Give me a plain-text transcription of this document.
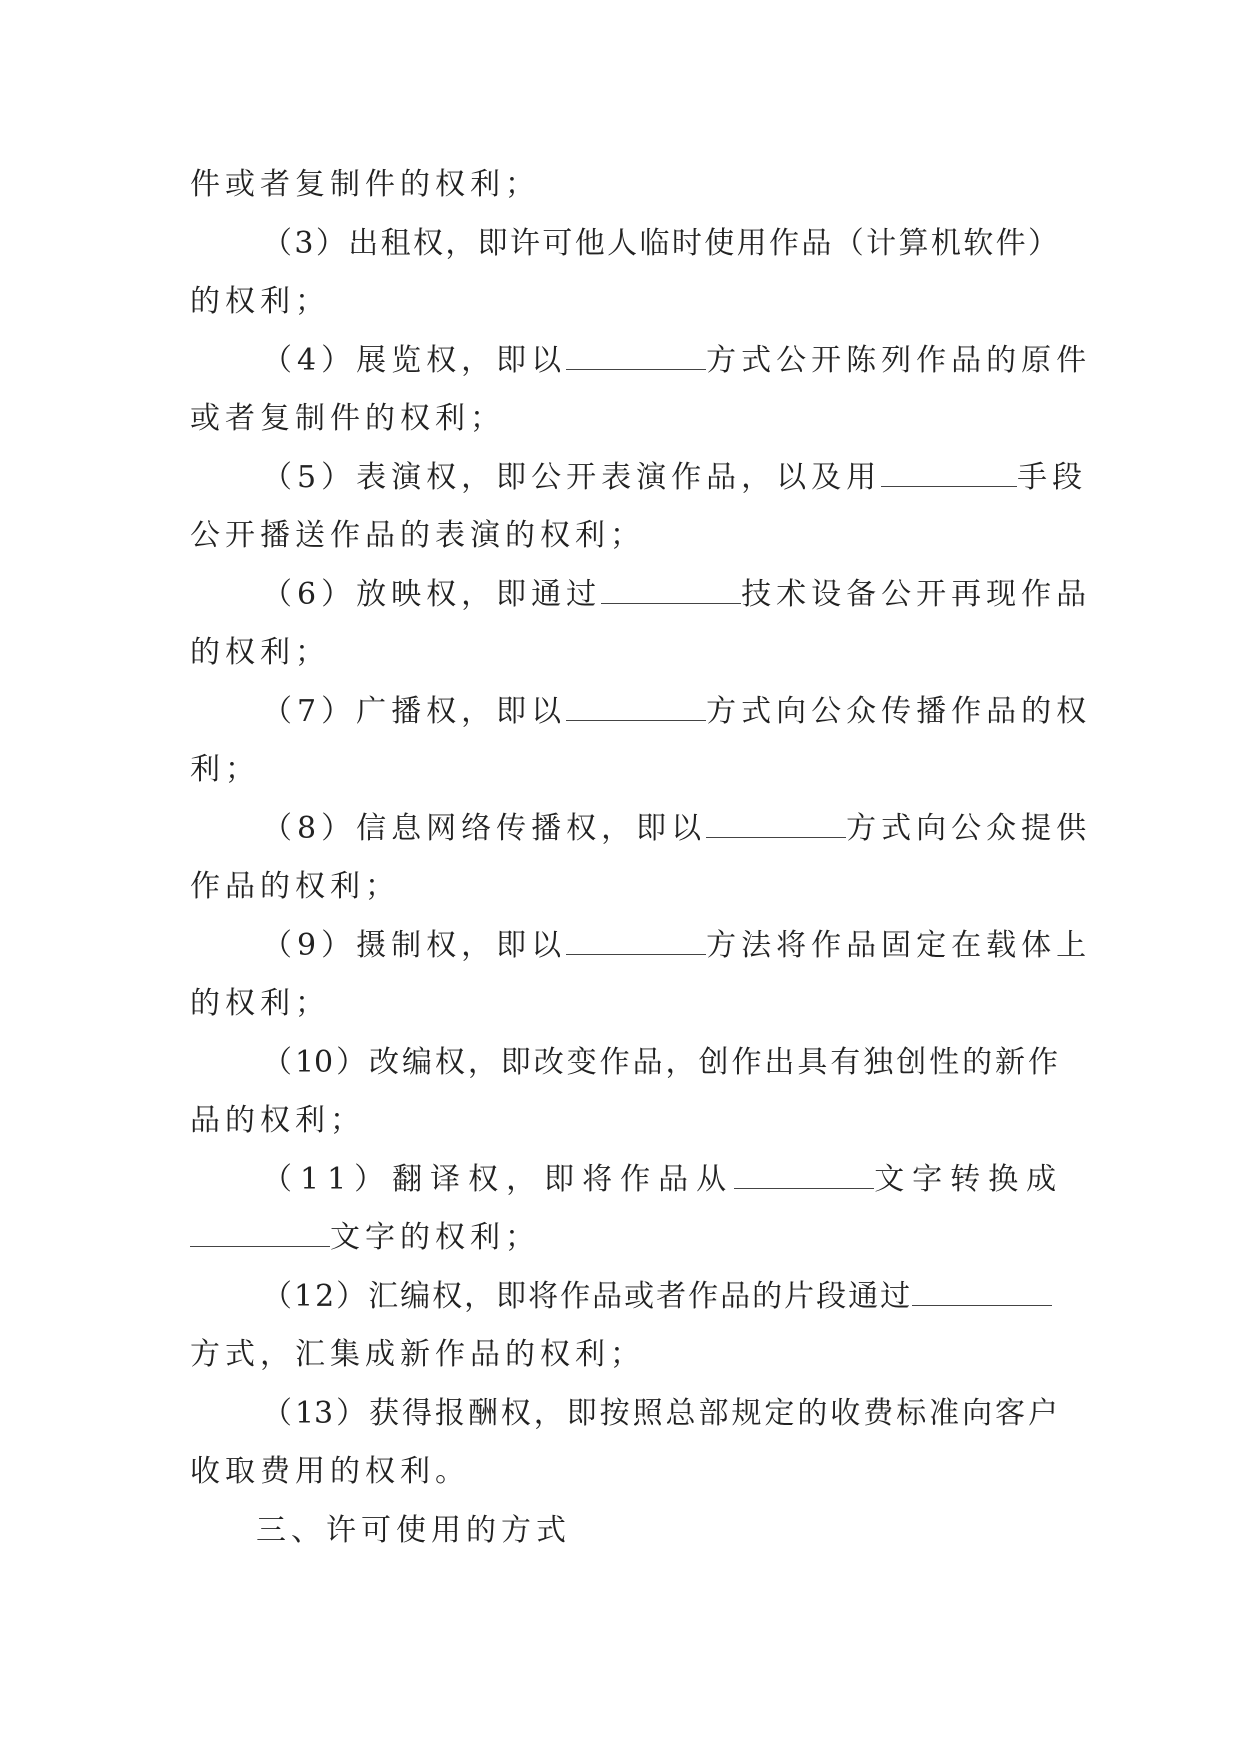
件或者复制件的权利；
（3）出租权，即许可他人临时使用作品（计算机软件）
的权利；
（4）展览权，即以	方式公开陈列作品的原件
或者复制件的权利；
（5）表演权，即公开表演作品，以及用	手段
公开播送作品的表演的权利；
（6）放映权，即通过	技术设备公开再现作品
的权利；
（7）广播权，即以	方式向公众传播作品的权
利；
（8）信息网络传播权，即以	方式向公众提供
作品的权利；
（9）摄制权，即以	方法将作品固定在载体上
的权利；
（10）改编权，即改变作品，创作出具有独创性的新作
品的权利；
（11）翻译权，即将作品从	文字转换成
文字的权利；
（12）汇编权，即将作品或者作品的片段通过
方式，汇集成新作品的权利；
（13）获得报酬权，即按照总部规定的收费标准向客户
收取费用的权利。
三、许可使用的方式
